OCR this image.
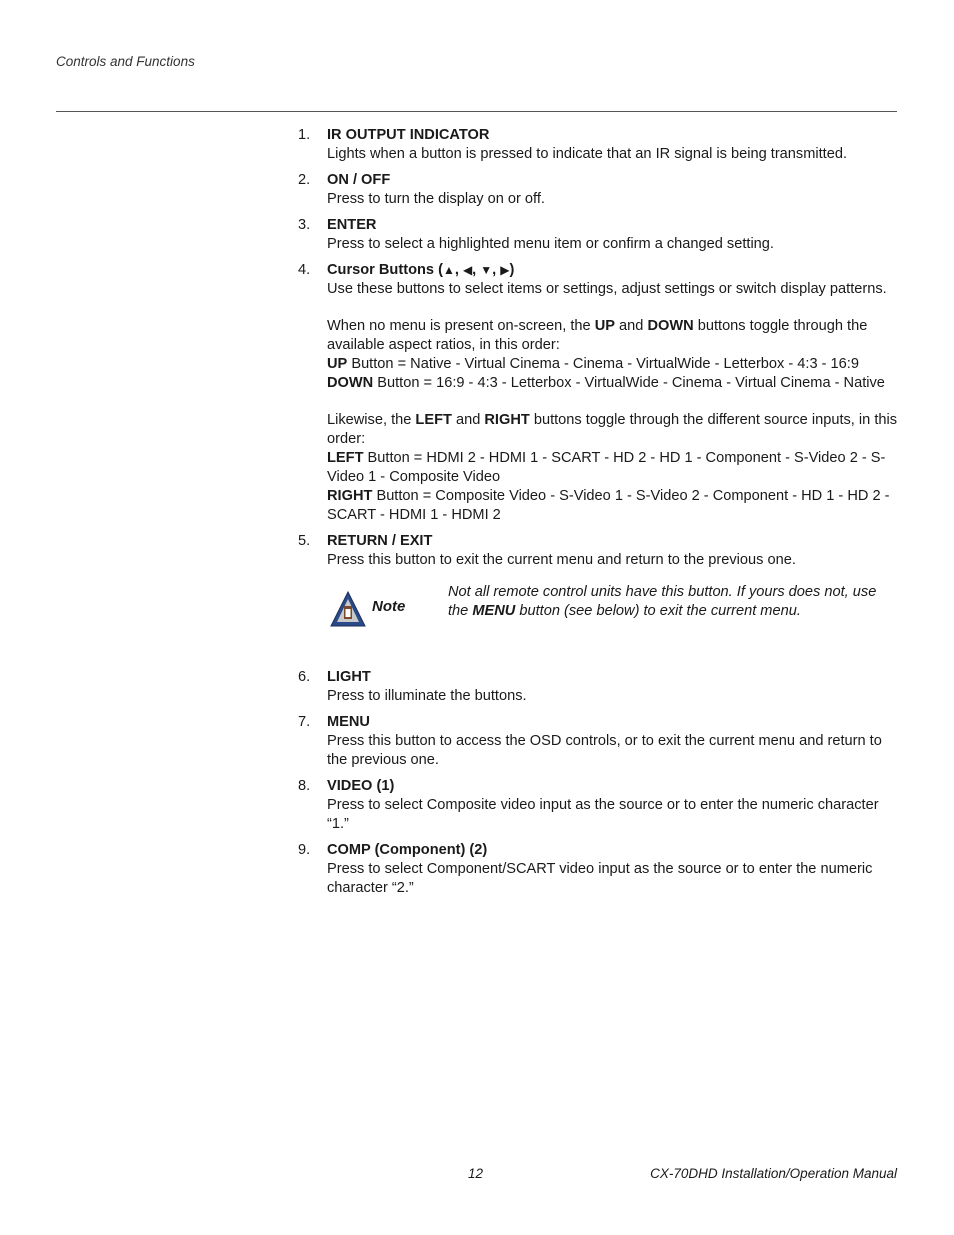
Controls and Functions
1. IR OUTPUT INDICATOR
Lights when a button is pressed to indicate that an IR signal is being transmitted.
2. ON / OFF
Press to turn the display on or off.
3. ENTER
Press to select a highlighted menu item or confirm a changed setting.
4. Cursor Buttons (▲, ◀, ▼, ▶)
Use these buttons to select items or settings, adjust settings or switch display patterns.
When no menu is present on-screen, the UP and DOWN buttons toggle through the available aspect ratios, in this order:
UP Button = Native - Virtual Cinema - Cinema - VirtualWide - Letterbox - 4:3 - 16:9
DOWN Button = 16:9 - 4:3 - Letterbox - VirtualWide - Cinema - Virtual Cinema - Native
Likewise, the LEFT and RIGHT buttons toggle through the different source inputs, in this order:
LEFT Button = HDMI 2 - HDMI 1 - SCART - HD 2 - HD 1 - Component - S-Video 2 - S-Video 1 - Composite Video
RIGHT Button = Composite Video - S-Video 1 - S-Video 2 - Component - HD 1 - HD 2 - SCART - HDMI 1 - HDMI 2
5. RETURN / EXIT
Press this button to exit the current menu and return to the previous one.
Note
Not all remote control units have this button. If yours does not, use the MENU button (see below) to exit the current menu.
6. LIGHT
Press to illuminate the buttons.
7. MENU
Press this button to access the OSD controls, or to exit the current menu and return to the previous one.
8. VIDEO (1)
Press to select Composite video input as the source or to enter the numeric character “1.”
9. COMP (Component) (2)
Press to select Component/SCART video input as the source or to enter the numeric character “2.”
12	CX-70DHD Installation/Operation Manual
